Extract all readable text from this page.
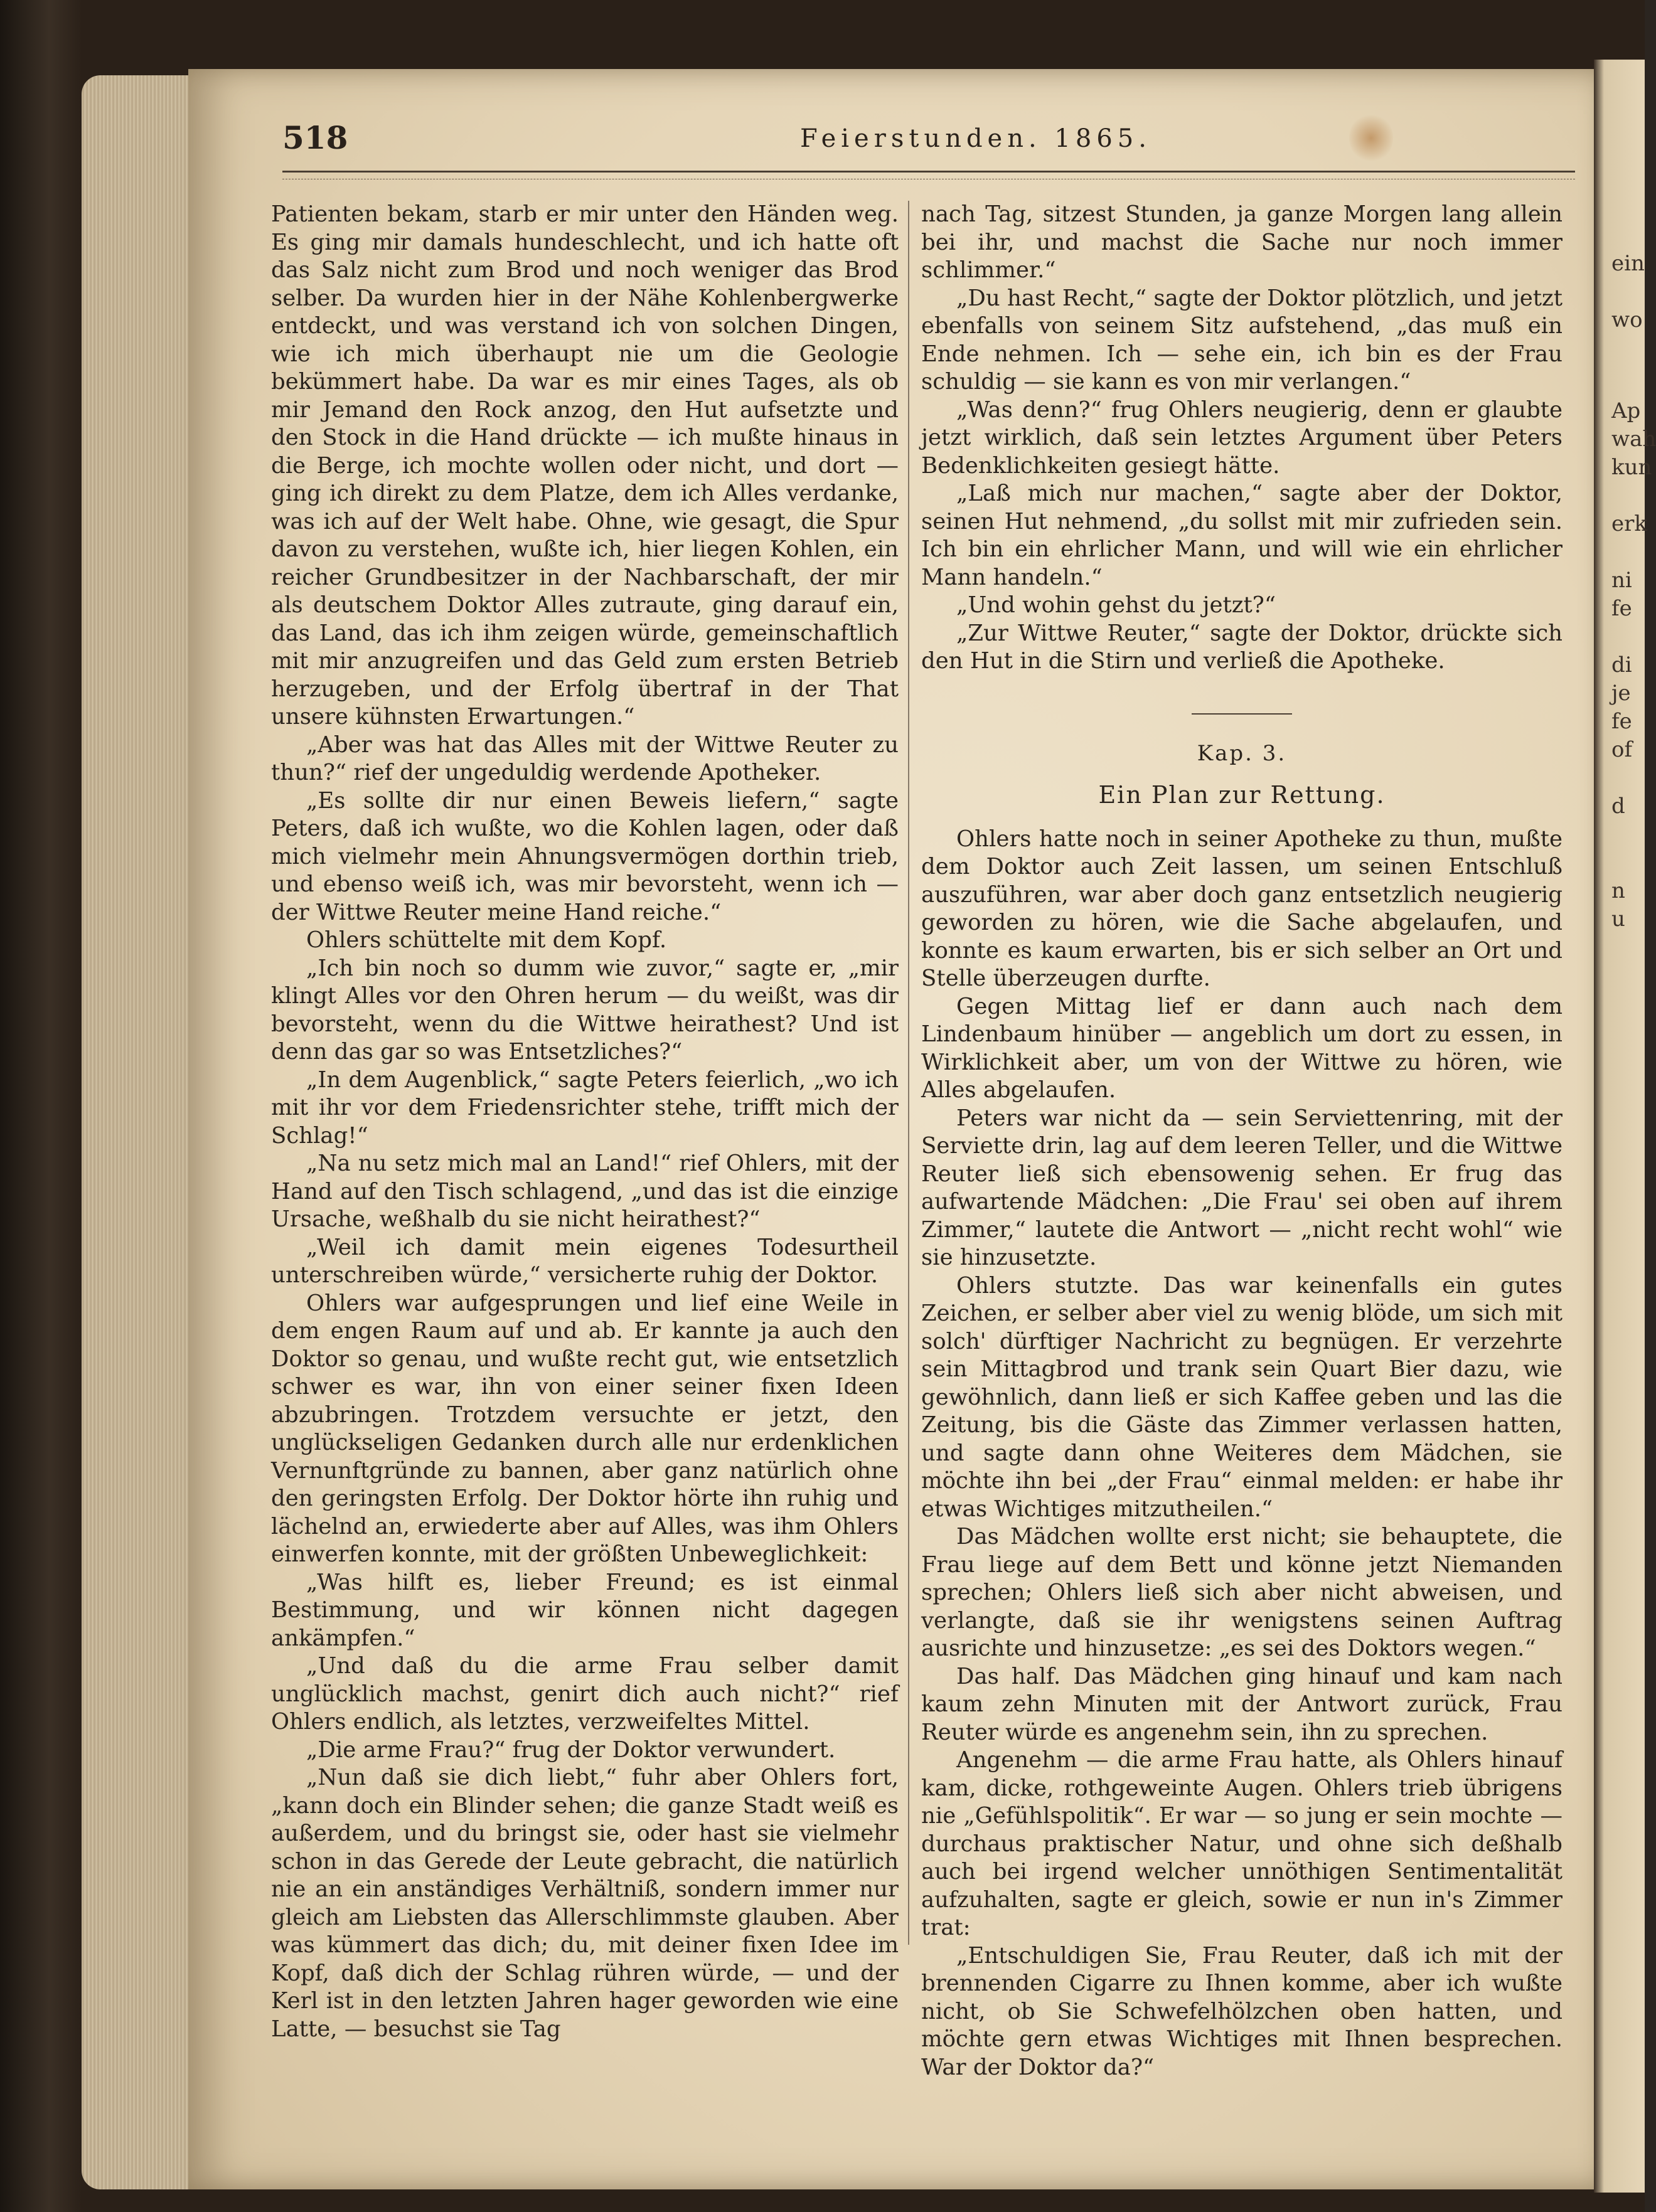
ein
wo
Ap
wah
kun
erk
ni
fe
di
je
fe
of
d
n
u
518	Feierstunden. 1865.

Patienten bekam, starb er mir unter den Händen weg. Es ging mir damals hundeschlecht, und ich hatte oft das Salz nicht zum Brod und noch weniger das Brod selber. Da wurden hier in der Nähe Kohlenbergwerke entdeckt, und was verstand ich von solchen Dingen, wie ich mich überhaupt nie um die Geologie bekümmert habe. Da war es mir eines Tages, als ob mir Jemand den Rock anzog, den Hut aufsetzte und den Stock in die Hand drückte — ich mußte hinaus in die Berge, ich mochte wollen oder nicht, und dort — ging ich direkt zu dem Platze, dem ich Alles verdanke, was ich auf der Welt habe. Ohne, wie gesagt, die Spur davon zu verstehen, wußte ich, hier liegen Kohlen, ein reicher Grundbesitzer in der Nachbarschaft, der mir als deutschem Doktor Alles zutraute, ging darauf ein, das Land, das ich ihm zeigen würde, gemeinschaftlich mit mir anzugreifen und das Geld zum ersten Betrieb herzugeben, und der Erfolg übertraf in der That unsere kühnsten Erwartungen.“

„Aber was hat das Alles mit der Wittwe Reuter zu thun?“ rief der ungeduldig werdende Apotheker.

„Es sollte dir nur einen Beweis liefern,“ sagte Peters, daß ich wußte, wo die Kohlen lagen, oder daß mich vielmehr mein Ahnungsvermögen dorthin trieb, und ebenso weiß ich, was mir bevorsteht, wenn ich — der Wittwe Reuter meine Hand reiche.“

Ohlers schüttelte mit dem Kopf.

„Ich bin noch so dumm wie zuvor,“ sagte er, „mir klingt Alles vor den Ohren herum — du weißt, was dir bevorsteht, wenn du die Wittwe heirathest? Und ist denn das gar so was Entsetzliches?“

„In dem Augenblick,“ sagte Peters feierlich, „wo ich mit ihr vor dem Friedensrichter stehe, trifft mich der Schlag!“

„Na nu setz mich mal an Land!“ rief Ohlers, mit der Hand auf den Tisch schlagend, „und das ist die einzige Ursache, weßhalb du sie nicht heirathest?“

„Weil ich damit mein eigenes Todesurtheil unterschreiben würde,“ versicherte ruhig der Doktor.

Ohlers war aufgesprungen und lief eine Weile in dem engen Raum auf und ab. Er kannte ja auch den Doktor so genau, und wußte recht gut, wie entsetzlich schwer es war, ihn von einer seiner fixen Ideen abzubringen. Trotzdem versuchte er jetzt, den unglückseligen Gedanken durch alle nur erdenklichen Vernunftgründe zu bannen, aber ganz natürlich ohne den geringsten Erfolg. Der Doktor hörte ihn ruhig und lächelnd an, erwiederte aber auf Alles, was ihm Ohlers einwerfen konnte, mit der größten Unbeweglichkeit:

„Was hilft es, lieber Freund; es ist einmal Bestimmung, und wir können nicht dagegen ankämpfen.“

„Und daß du die arme Frau selber damit unglücklich machst, genirt dich auch nicht?“ rief Ohlers endlich, als letztes, verzweifeltes Mittel.

„Die arme Frau?“ frug der Doktor verwundert.

„Nun daß sie dich liebt,“ fuhr aber Ohlers fort, „kann doch ein Blinder sehen; die ganze Stadt weiß es außerdem, und du bringst sie, oder hast sie vielmehr schon in das Gerede der Leute gebracht, die natürlich nie an ein anständiges Verhältniß, sondern immer nur gleich am Liebsten das Allerschlimmste glauben. Aber was kümmert das dich; du, mit deiner fixen Idee im Kopf, daß dich der Schlag rühren würde, — und der Kerl ist in den letzten Jahren hager geworden wie eine Latte, — besuchst sie Tag

nach Tag, sitzest Stunden, ja ganze Morgen lang allein bei ihr, und machst die Sache nur noch immer schlimmer.“

„Du hast Recht,“ sagte der Doktor plötzlich, und jetzt ebenfalls von seinem Sitz aufstehend, „das muß ein Ende nehmen. Ich — sehe ein, ich bin es der Frau schuldig — sie kann es von mir verlangen.“

„Was denn?“ frug Ohlers neugierig, denn er glaubte jetzt wirklich, daß sein letztes Argument über Peters Bedenklichkeiten gesiegt hätte.

„Laß mich nur machen,“ sagte aber der Doktor, seinen Hut nehmend, „du sollst mit mir zufrieden sein. Ich bin ein ehrlicher Mann, und will wie ein ehrlicher Mann handeln.“

„Und wohin gehst du jetzt?“

„Zur Wittwe Reuter,“ sagte der Doktor, drückte sich den Hut in die Stirn und verließ die Apotheke.

Kap. 3.

Ein Plan zur Rettung.

Ohlers hatte noch in seiner Apotheke zu thun, mußte dem Doktor auch Zeit lassen, um seinen Entschluß auszuführen, war aber doch ganz entsetzlich neugierig geworden zu hören, wie die Sache abgelaufen, und konnte es kaum erwarten, bis er sich selber an Ort und Stelle überzeugen durfte.

Gegen Mittag lief er dann auch nach dem Lindenbaum hinüber — angeblich um dort zu essen, in Wirklichkeit aber, um von der Wittwe zu hören, wie Alles abgelaufen.

Peters war nicht da — sein Serviettenring, mit der Serviette drin, lag auf dem leeren Teller, und die Wittwe Reuter ließ sich ebensowenig sehen. Er frug das aufwartende Mädchen: „Die Frau' sei oben auf ihrem Zimmer,“ lautete die Antwort — „nicht recht wohl“ wie sie hinzusetzte.

Ohlers stutzte. Das war keinenfalls ein gutes Zeichen, er selber aber viel zu wenig blöde, um sich mit solch' dürftiger Nachricht zu begnügen. Er verzehrte sein Mittagbrod und trank sein Quart Bier dazu, wie gewöhnlich, dann ließ er sich Kaffee geben und las die Zeitung, bis die Gäste das Zimmer verlassen hatten, und sagte dann ohne Weiteres dem Mädchen, sie möchte ihn bei „der Frau“ einmal melden: er habe ihr etwas Wichtiges mitzutheilen.“

Das Mädchen wollte erst nicht; sie behauptete, die Frau liege auf dem Bett und könne jetzt Niemanden sprechen; Ohlers ließ sich aber nicht abweisen, und verlangte, daß sie ihr wenigstens seinen Auftrag ausrichte und hinzusetze: „es sei des Doktors wegen.“

Das half. Das Mädchen ging hinauf und kam nach kaum zehn Minuten mit der Antwort zurück, Frau Reuter würde es angenehm sein, ihn zu sprechen.

Angenehm — die arme Frau hatte, als Ohlers hinauf kam, dicke, rothgeweinte Augen. Ohlers trieb übrigens nie „Gefühlspolitik“. Er war — so jung er sein mochte — durchaus praktischer Natur, und ohne sich deßhalb auch bei irgend welcher unnöthigen Sentimentalität aufzuhalten, sagte er gleich, sowie er nun in's Zimmer trat:

„Entschuldigen Sie, Frau Reuter, daß ich mit der brennenden Cigarre zu Ihnen komme, aber ich wußte nicht, ob Sie Schwefelhölzchen oben hatten, und möchte gern etwas Wichtiges mit Ihnen besprechen. War der Doktor da?“
